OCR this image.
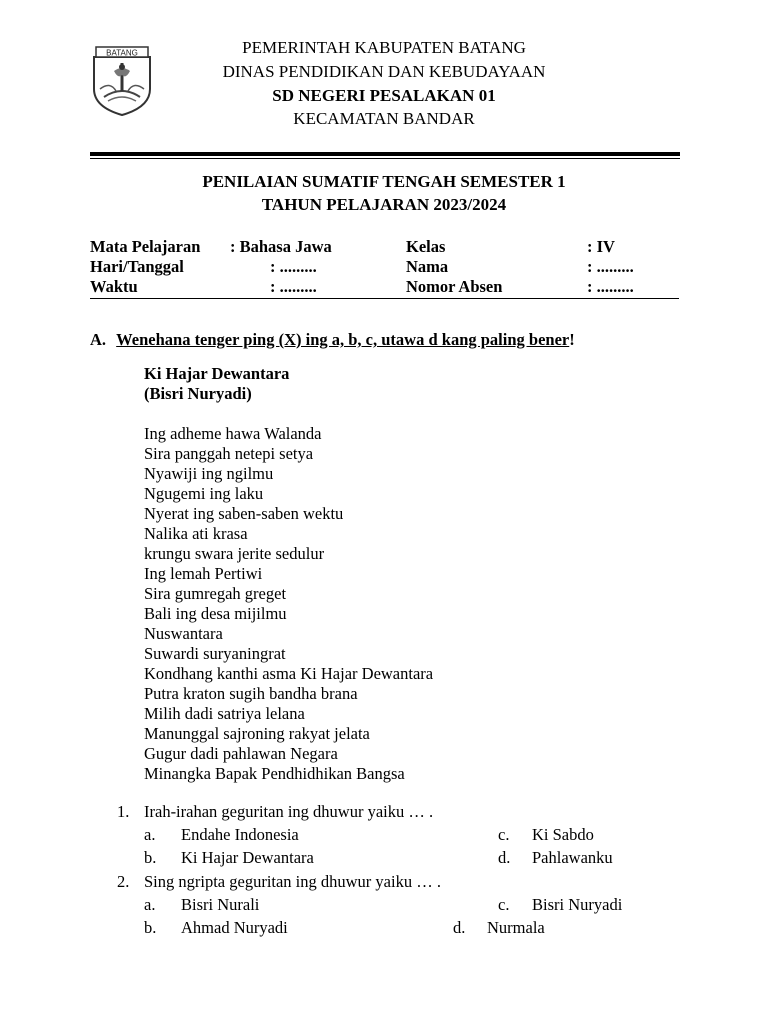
BATANG	PEMERINTAH KABUPATEN BATANG
DINAS PENDIDIKAN DAN KEBUDAYAAN
SD NEGERI PESALAKAN 01
KECAMATAN BANDAR
PENILAIAN SUMATIF TENGAH SEMESTER 1
TAHUN PELAJARAN 2023/2024
Mata Pelajaran : Bahasa Jawa	Kelas	: IV
Hari/Tanggal	: .........	Nama	: .........
Waktu	: .........	Nomor Absen	: .........
A. Wenehana tenger ping (X) ing a, b, c, utawa d kang paling bener!
Ki Hajar Dewantara
(Bisri Nuryadi)
Ing adheme hawa Walanda
Sira panggah netepi setya
Nyawiji ing ngilmu
Ngugemi ing laku
Nyerat ing saben-saben wektu
Nalika ati krasa
krungu swara jerite sedulur
Ing lemah Pertiwi
Sira gumregah greget
Bali ing desa mijilmu
Nuswantara
Suwardi suryaningrat
Kondhang kanthi asma Ki Hajar Dewantara
Putra kraton sugih bandha brana
Milih dadi satriya lelana
Manunggal sajroning rakyat jelata
Gugur dadi pahlawan Negara
Minangka Bapak Pendhidhikan Bangsa
1. Irah-irahan geguritan ing dhuwur yaiku … .
a. Endahe Indonesia	c. Ki Sabdo
b. Ki Hajar Dewantara	d. Pahlawanku
2. Sing ngripta geguritan ing dhuwur yaiku … .
a. Bisri Nurali	c. Bisri Nuryadi
b. Ahmad Nuryadi	d. Nurmala
